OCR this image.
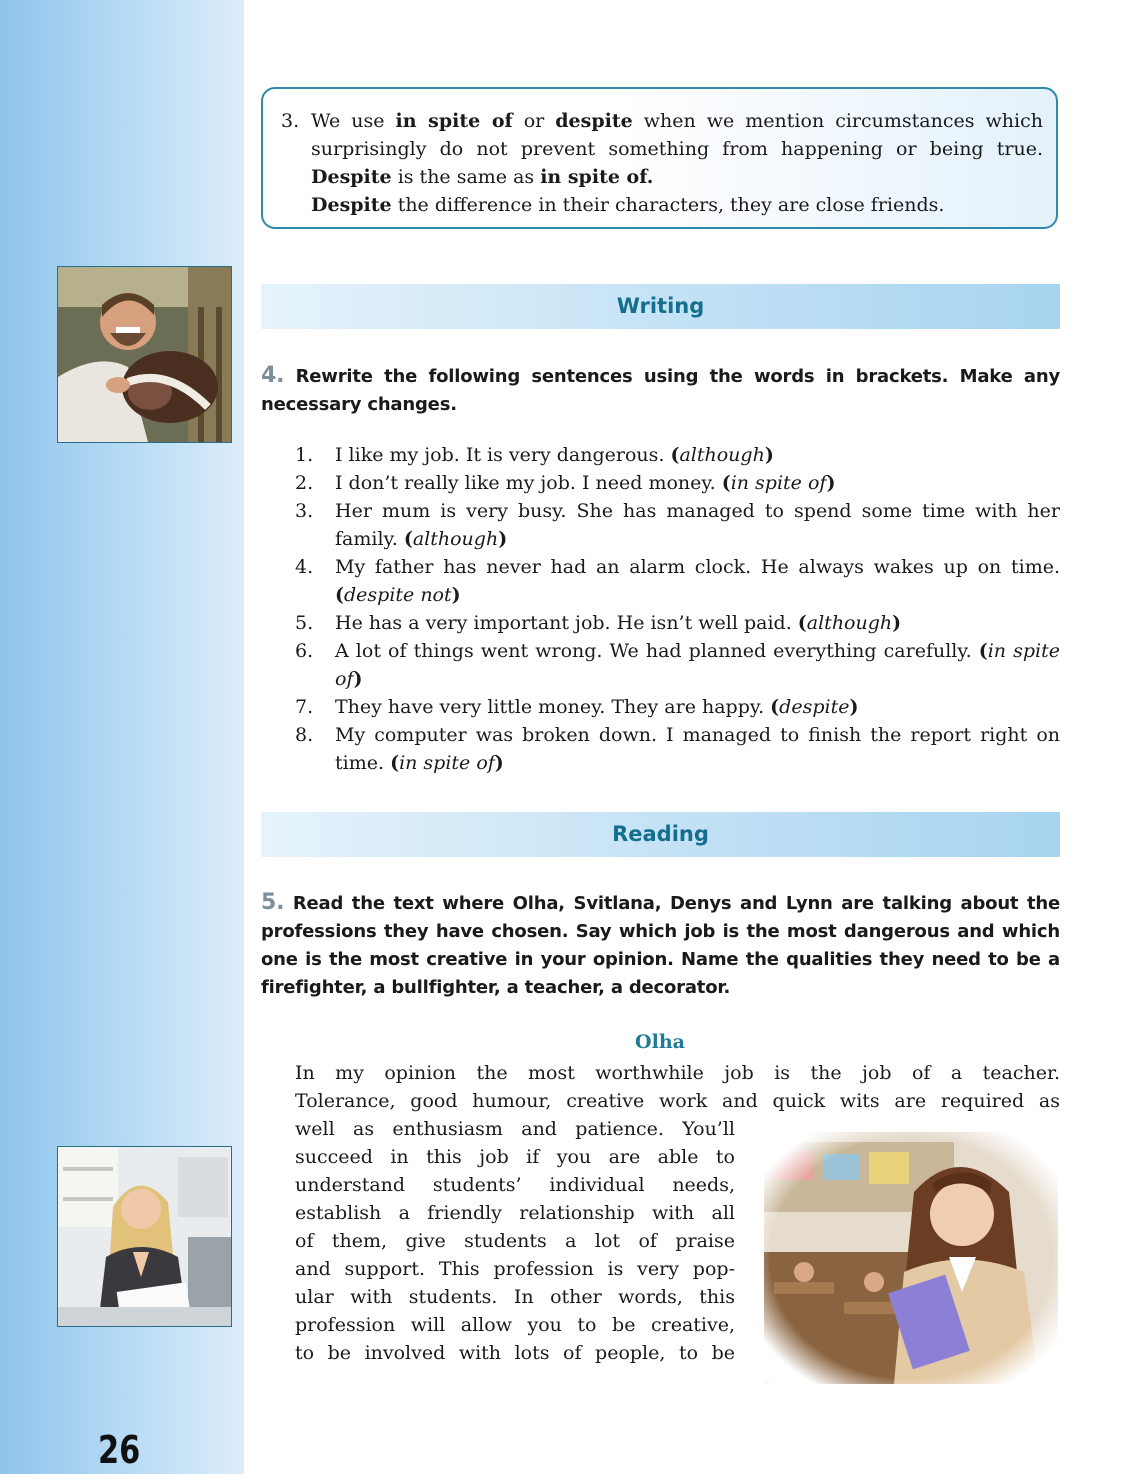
26
3. We use in spite of or despite when we mention circumstances which surprisingly do not prevent something from happening or being true. Despite is the same as in spite of.
Despite the difference in their characters, they are close friends.
Writing
4. Rewrite the following sentences using the words in brackets. Make any necessary changes.
1. I like my job. It is very dangerous. (although)
2. I don’t really like my job. I need money. (in spite of)
3. Her mum is very busy. She has managed to spend some time with her family. (although)
4. My father has never had an alarm clock. He always wakes up on time. (despite not)
5. He has a very important job. He isn’t well paid. (although)
6. A lot of things went wrong. We had planned everything carefully. (in spite of)
7. They have very little money. They are happy. (despite)
8. My computer was broken down. I managed to finish the report right on time. (in spite of)
Reading
5. Read the text where Olha, Svitlana, Denys and Lynn are talking about the professions they have chosen. Say which job is the most dangerous and which one is the most creative in your opinion. Name the qualities they need to be a firefighter, a bullfighter, a teacher, a decorator.
Olha
In my opinion the most worthwhile job is the job of a teacher.
Tolerance, good humour, creative work and quick wits are required as
well as enthusiasm and patience. You’ll
succeed in this job if you are able to
understand students’ individual needs,
establish a friendly relationship with all
of them, give students a lot of praise
and support. This profession is very pop-
ular with students. In other words, this
profession will allow you to be creative,
to be involved with lots of people, to be
